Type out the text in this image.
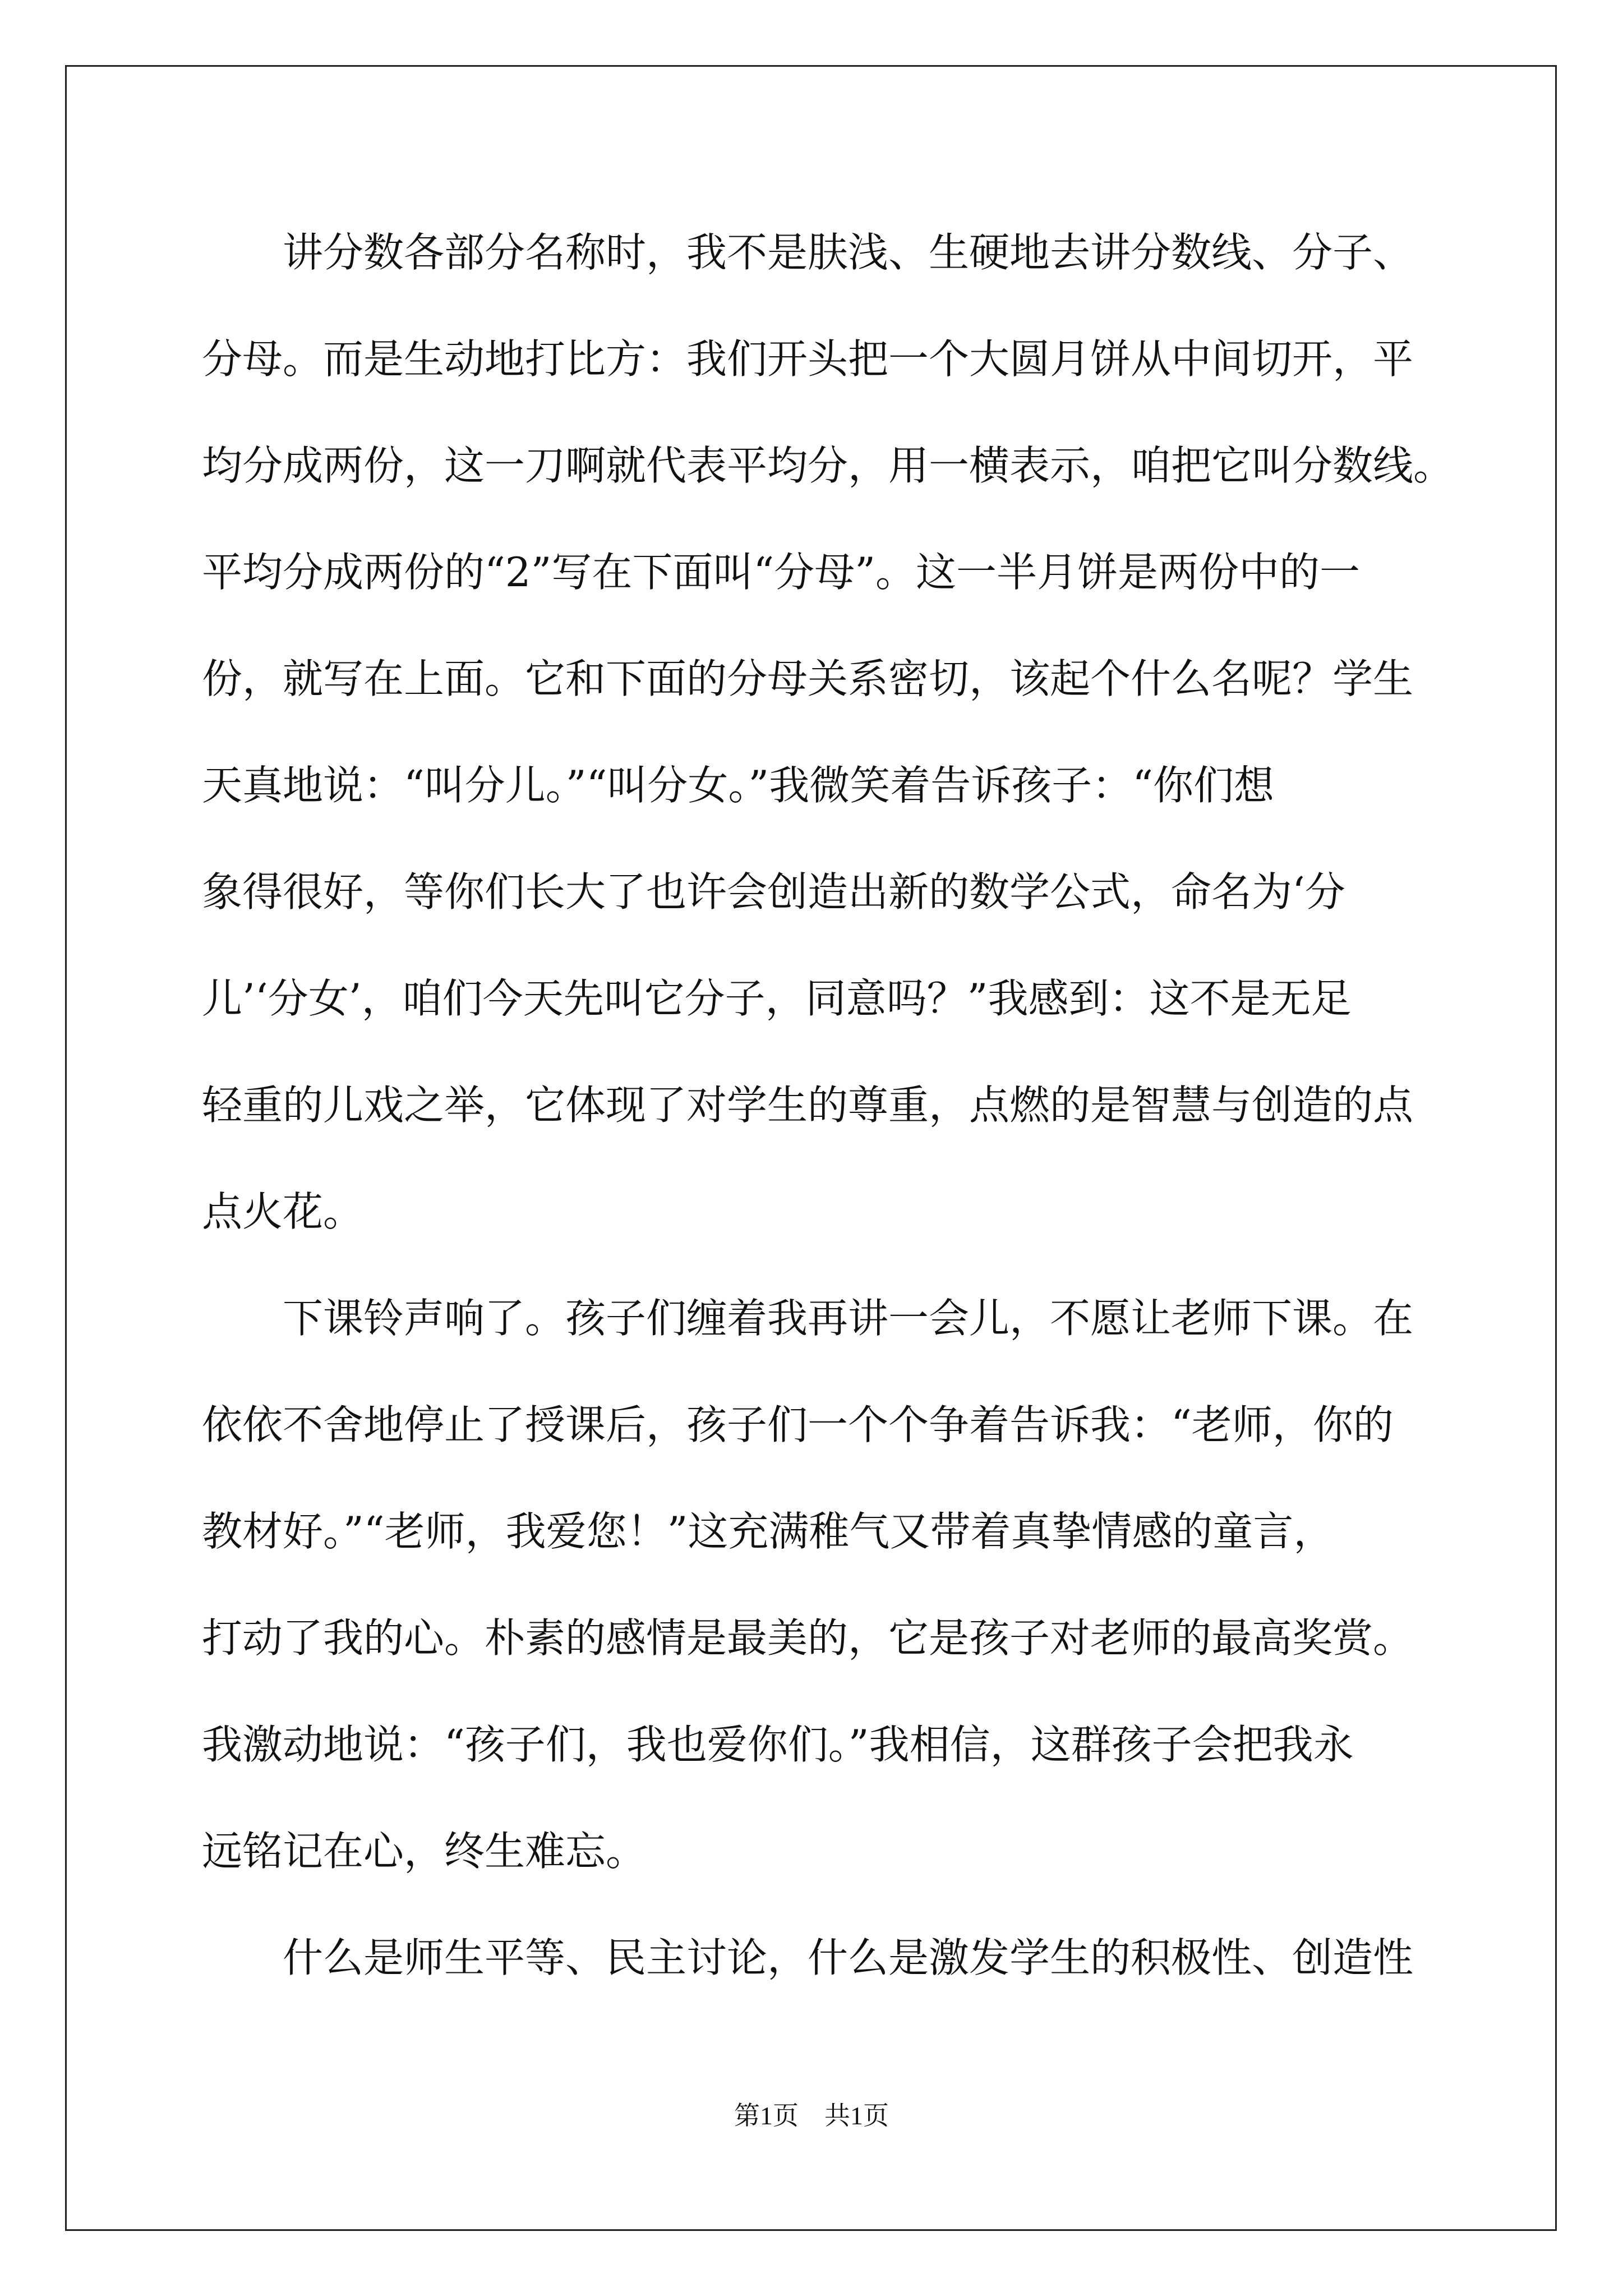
讲分数各部分名称时，我不是肤浅、生硬地去讲分数线、分子、
分母。而是生动地打比方：我们开头把一个大圆月饼从中间切开，平
均分成两份，这一刀啊就代表平均分，用一横表示，咱把它叫分数线。
平均分成两份的“2”写在下面叫“分母”。这一半月饼是两份中的一
份，就写在上面。它和下面的分母关系密切，该起个什么名呢？学生
天真地说：“叫分儿。”“叫分女。”我微笑着告诉孩子：“你们想
象得很好，等你们长大了也许会创造出新的数学公式，命名为‘分
儿’‘分女’，咱们今天先叫它分子，同意吗？”我感到：这不是无足
轻重的儿戏之举，它体现了对学生的尊重，点燃的是智慧与创造的点
点火花。
下课铃声响了。孩子们缠着我再讲一会儿，不愿让老师下课。在
依依不舍地停止了授课后，孩子们一个个争着告诉我：“老师，你的
教材好。”“老师，我爱您！”这充满稚气又带着真挚情感的童言，
打动了我的心。朴素的感情是最美的，它是孩子对老师的最高奖赏。
我激动地说：“孩子们，我也爱你们。”我相信，这群孩子会把我永
远铭记在心，终生难忘。
什么是师生平等、民主讨论，什么是激发学生的积极性、创造性
第1页　共1页
